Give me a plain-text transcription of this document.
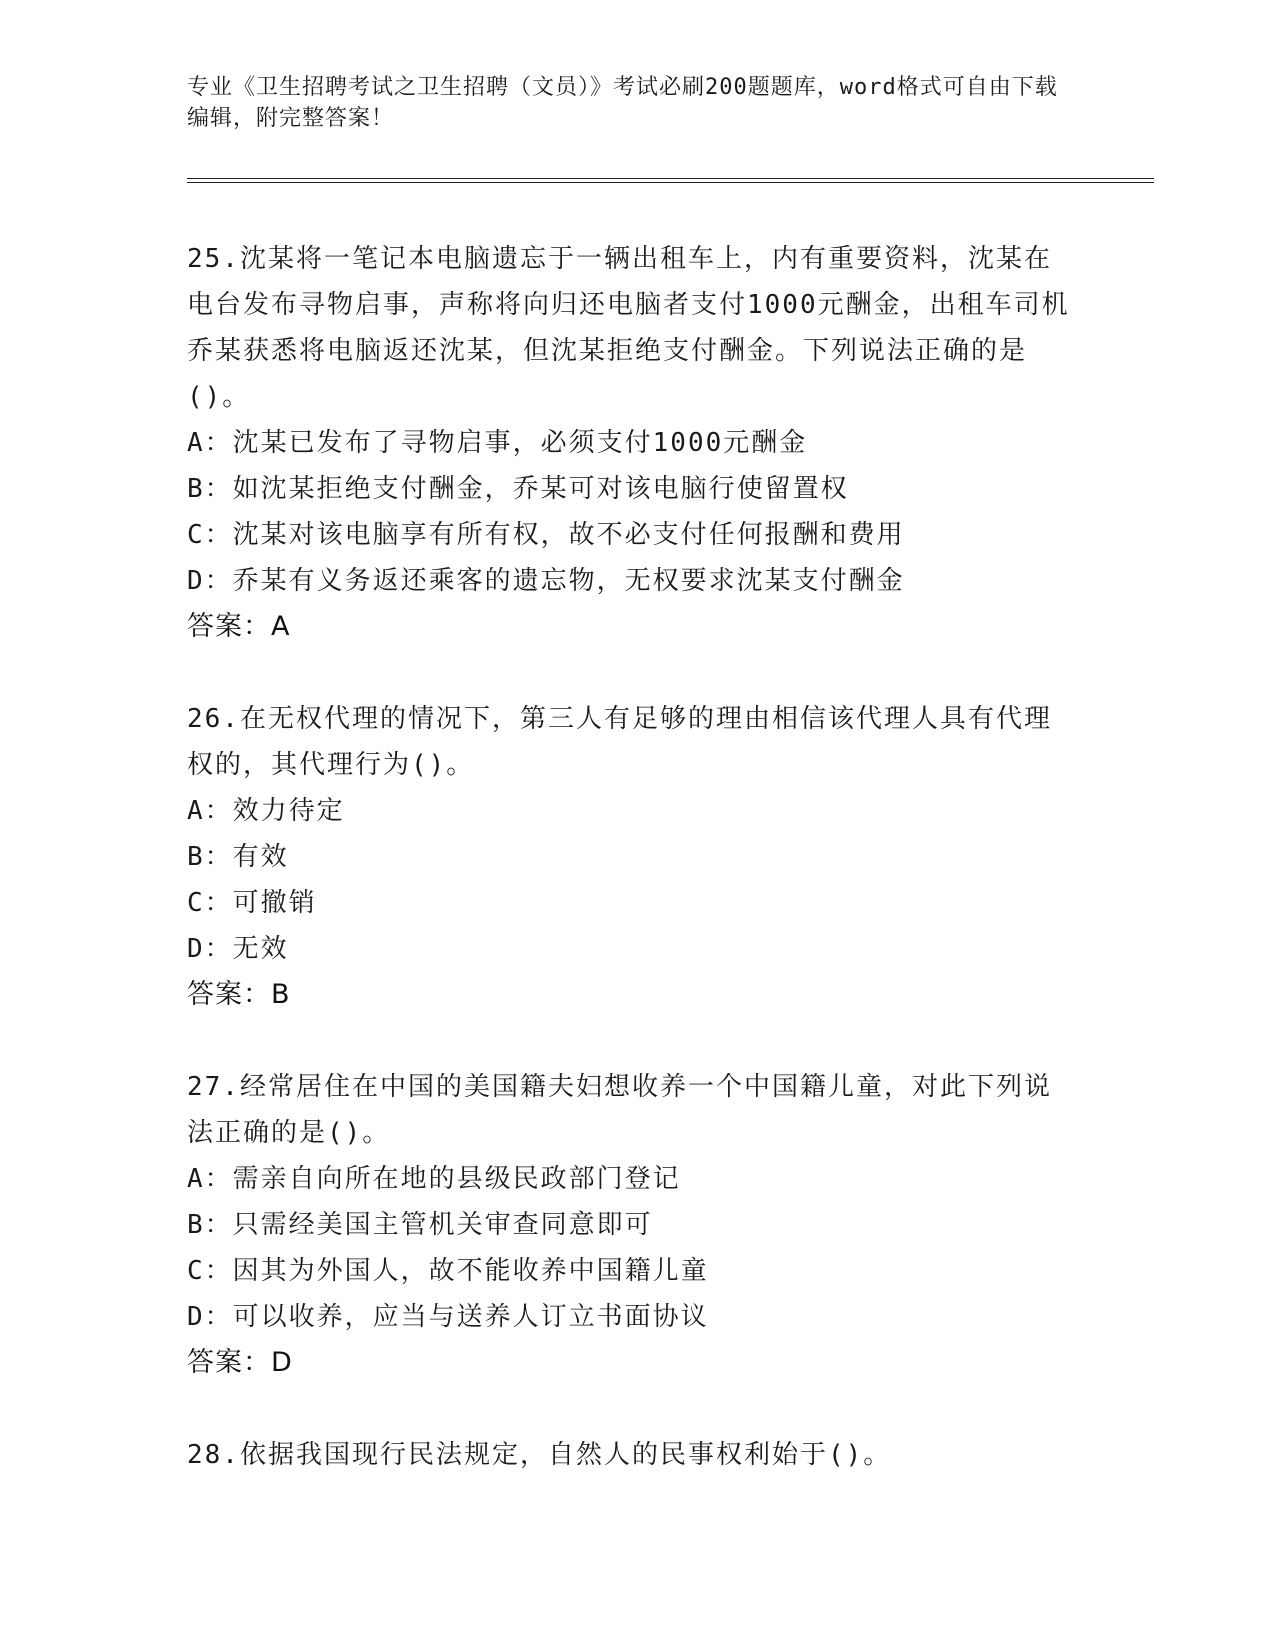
专业《卫生招聘考试之卫生招聘（文员）》考试必刷200题题库，word格式可自由下载编辑，附完整答案！
25.沈某将一笔记本电脑遗忘于一辆出租车上，内有重要资料，沈某在电台发布寻物启事，声称将向归还电脑者支付1000元酬金，出租车司机乔某获悉将电脑返还沈某，但沈某拒绝支付酬金。下列说法正确的是()。
A：沈某已发布了寻物启事，必须支付1000元酬金
B：如沈某拒绝支付酬金，乔某可对该电脑行使留置权
C：沈某对该电脑享有所有权，故不必支付任何报酬和费用
D：乔某有义务返还乘客的遗忘物，无权要求沈某支付酬金
答案：A
26.在无权代理的情况下，第三人有足够的理由相信该代理人具有代理权的，其代理行为()。
A：效力待定
B：有效
C：可撤销
D：无效
答案：B
27.经常居住在中国的美国籍夫妇想收养一个中国籍儿童，对此下列说法正确的是()。
A：需亲自向所在地的县级民政部门登记
B：只需经美国主管机关审查同意即可
C：因其为外国人，故不能收养中国籍儿童
D：可以收养，应当与送养人订立书面协议
答案：D
28.依据我国现行民法规定，自然人的民事权利始于()。
